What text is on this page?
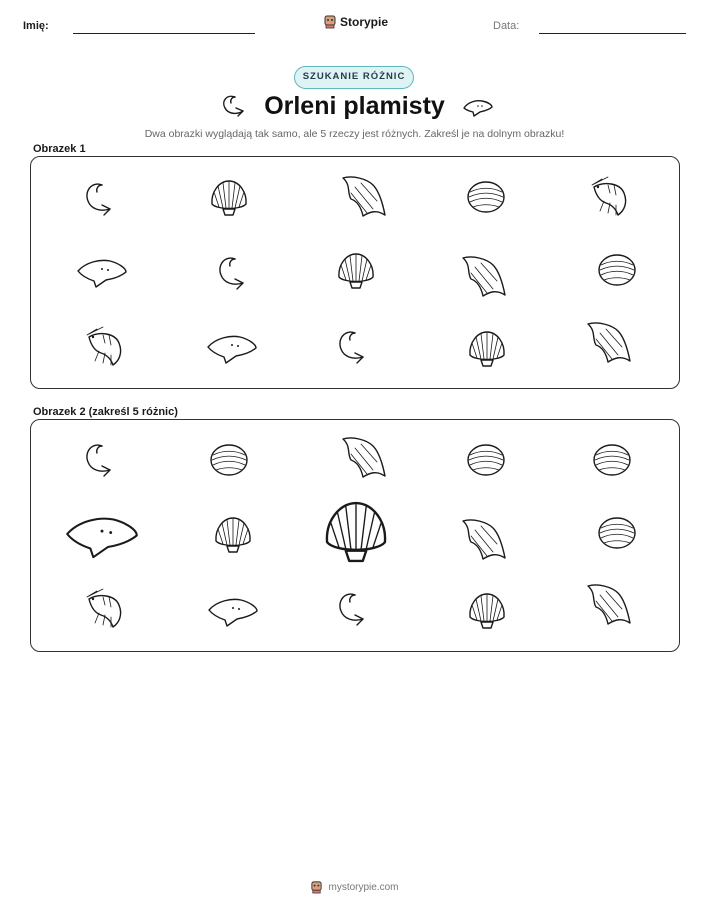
Imię:	Storypie	Data:
SZUKANIE RÓŻNIC
Orleni plamisty
Dwa obrazki wyglądają tak samo, ale 5 rzeczy jest różnych. Zakreśl je na dolnym obrazku!
Obrazek 1
Obrazek 2 (zakreśl 5 różnic)
mystorypie.com
